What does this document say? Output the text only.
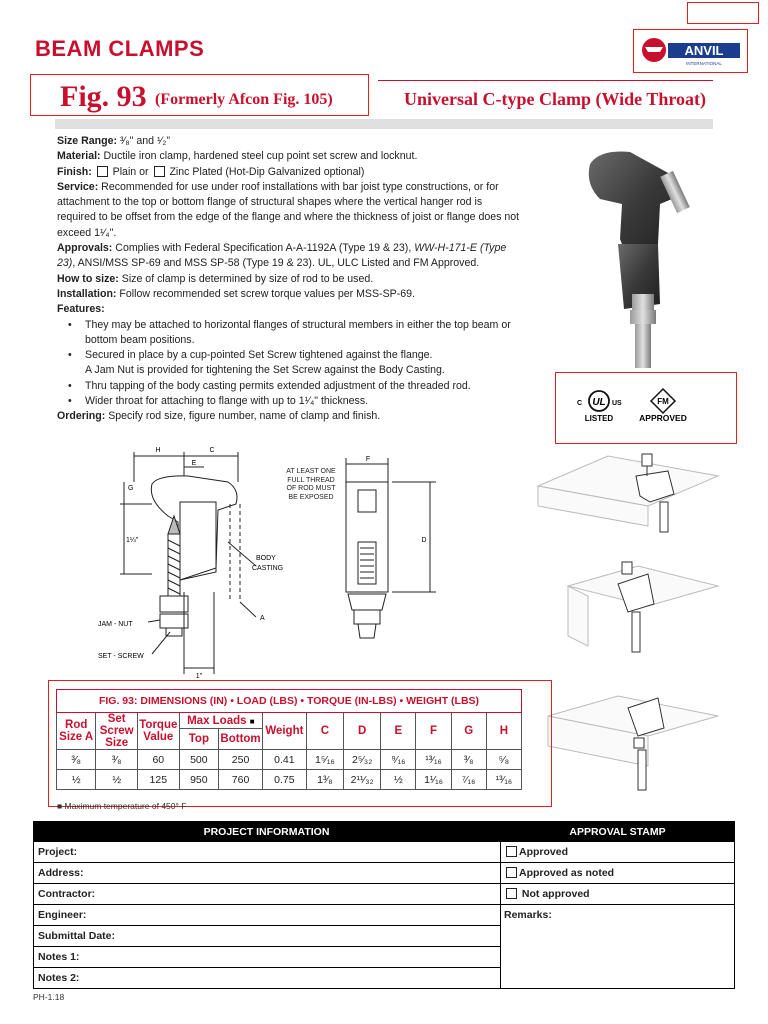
BEAM CLAMPS	ANVIL
INTERNATIONAL
Fig. 93 (Formerly Afcon Fig. 105)	Universal C-type Clamp (Wide Throat)

Size Range: ³⁄₈" and ¹⁄₂"

Material: Ductile iron clamp, hardened steel cup point set screw and locknut.

Finish:  Plain or  Zinc Plated (Hot-Dip Galvanized optional)

Service: Recommended for use under roof installations with bar joist type constructions, or for attachment to the top or bottom flange of structural shapes where the vertical hanger rod is required to be offset from the edge of the flange and where the thickness of joist or flange does not exceed 1¹⁄₄".

Approvals: Complies with Federal Specification A-A-1192A (Type 19 & 23), WW-H-171-E (Type 23), ANSI/MSS SP-69 and MSS SP-58 (Type 19 & 23). UL, ULC Listed and FM Approved.

How to size: Size of clamp is determined by size of rod to be used.

Installation: Follow recommended set screw torque values per MSS-SP-69.

Features:

• They may be attached to horizontal flanges of structural members in either the top beam or bottom beam positions.
• Secured in place by a cup-pointed Set Screw tightened against the flange.
A Jam Nut is provided for tightening the Set Screw against the Body Casting.
• Thru tapping of the body casting permits extended adjustment of the threaded rod.
• Wider throat for attaching to flange with up to 1¹⁄₄" thickness.

Ordering: Specify rod size, figure number, name of clamp and finish.

C UL US
LISTED
FM
APPROVED
H	C
E
G
1¼"
BODY
CASTING
A
JAM - NUT
SET - SCREW
1"
F
D
AT LEAST ONE
FULL THREAD
OF ROD MUST
BE EXPOSED
FIG. 93: DIMENSIONS (IN) • LOAD (LBS) • TORQUE (IN-LBS) • WEIGHT (LBS)											
Rod Size A	Set Screw Size	Torque Value	Max Loads ■		Weight	C	D	E	F	G	H
			Top	Bottom							
³⁄₈	³⁄₈	60	500	250	0.41	1⁵⁄₁₆	2⁵⁄₃₂	⁹⁄₁₆	¹³⁄₁₆	³⁄₈	⁵⁄₈
½	½	125	950	760	0.75	1³⁄₈	2¹¹⁄₃₂	½	1¹⁄₁₆	⁷⁄₁₆	¹³⁄₁₆
■ Maximum temperature of 450° F
PROJECT INFORMATION	APPROVAL STAMP
Project:
Address:
Contractor:
Engineer:
Submittal Date:
Notes 1:
Notes 2:
Approved
Approved as noted
Not approved
Remarks:
PH-1.18
